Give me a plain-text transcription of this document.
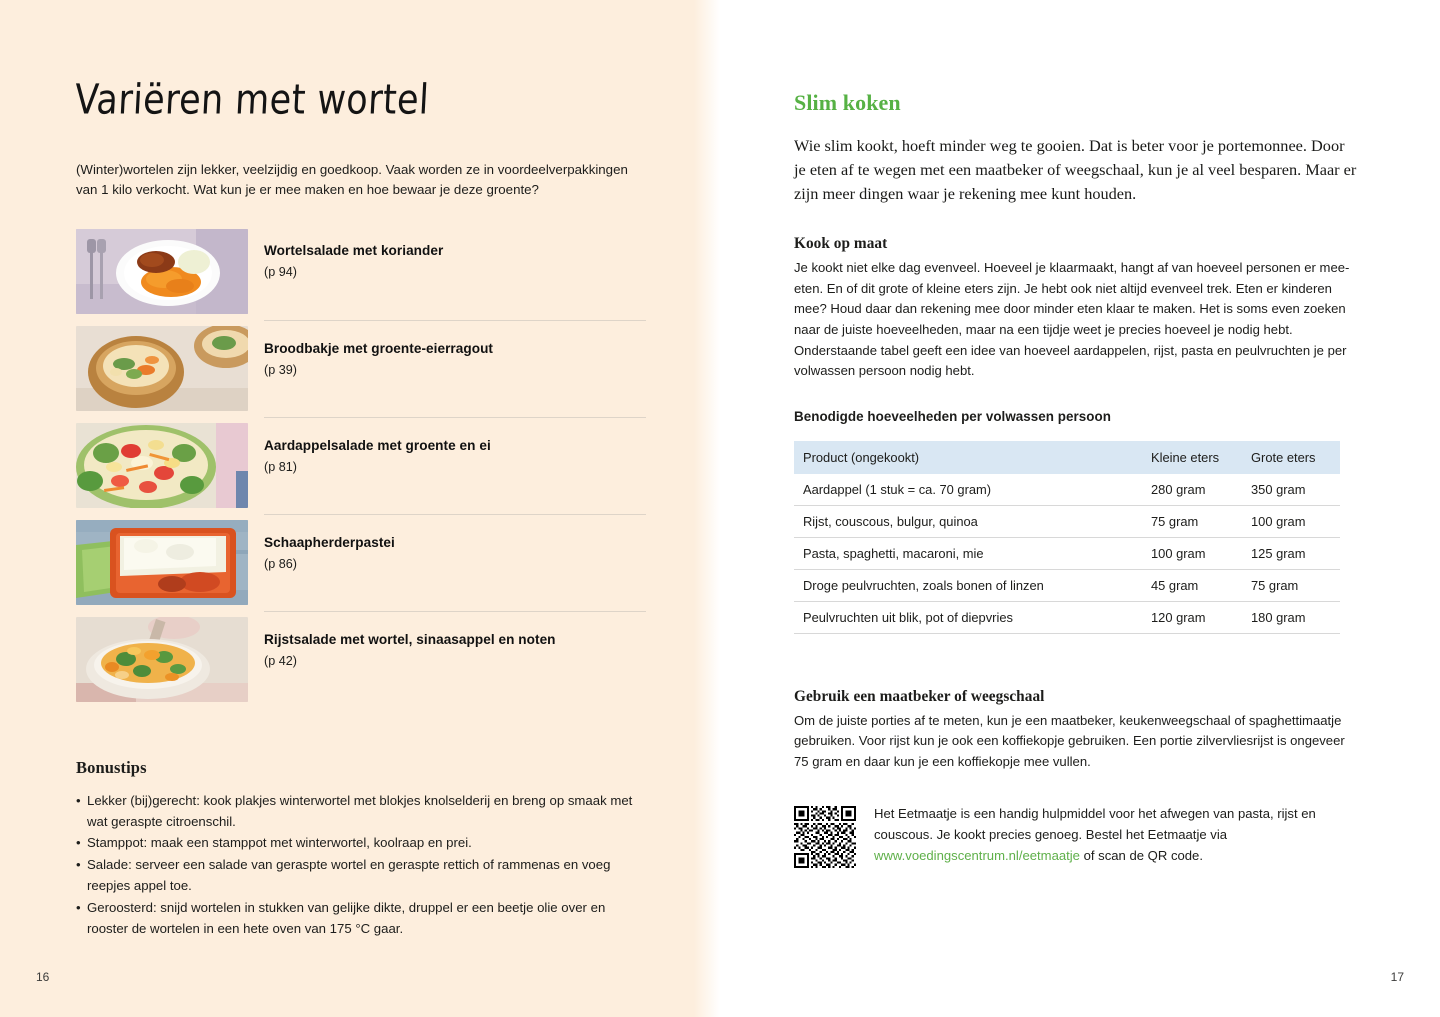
Variëren met wortel
(Winter)wortelen zijn lekker, veelzijdig en goedkoop. Vaak worden ze in voordeelverpakkingen van 1 kilo verkocht. Wat kun je er mee maken en hoe bewaar je deze groente?
Wortelsalade met koriander
(p 94)
Broodbakje met groente-eierragout
(p 39)
Aardappelsalade met groente en ei
(p 81)
Schaapherderpastei
(p 86)
Rijstsalade met wortel, sinaasappel en noten
(p 42)
Bonustips
• Lekker (bij)gerecht: kook plakjes winterwortel met blokjes knolselderij en breng op smaak met wat geraspte citroenschil.
• Stamppot: maak een stamppot met winterwortel, koolraap en prei.
• Salade: serveer een salade van geraspte wortel en geraspte rettich of rammenas en voeg reepjes appel toe.
• Geroosterd: snijd wortelen in stukken van gelijke dikte, druppel er een beetje olie over en rooster de wortelen in een hete oven van 175 °C gaar.
16
Slim koken
Wie slim kookt, hoeft minder weg te gooien. Dat is beter voor je portemonnee. Door je eten af te wegen met een maatbeker of weegschaal, kun je al veel besparen. Maar er zijn meer dingen waar je rekening mee kunt houden.
Kook op maat
Je kookt niet elke dag evenveel. Hoeveel je klaarmaakt, hangt af van hoeveel personen er mee-eten. En of dit grote of kleine eters zijn. Je hebt ook niet altijd evenveel trek. Eten er kinderen mee? Houd daar dan rekening mee door minder eten klaar te maken. Het is soms even zoeken naar de juiste hoeveelheden, maar na een tijdje weet je precies hoeveel je nodig hebt. Onderstaande tabel geeft een idee van hoeveel aardappelen, rijst, pasta en peulvruchten je per volwassen persoon nodig hebt.
Benodigde hoeveelheden per volwassen persoon
Product (ongekookt)	Kleine eters	Grote eters
Aardappel (1 stuk = ca. 70 gram)	280 gram	350 gram
Rijst, couscous, bulgur, quinoa	75 gram	100 gram
Pasta, spaghetti, macaroni, mie	100 gram	125 gram
Droge peulvruchten, zoals bonen of linzen	45 gram	75 gram
Peulvruchten uit blik, pot of diepvries	120 gram	180 gram
Gebruik een maatbeker of weegschaal
Om de juiste porties af te meten, kun je een maatbeker, keukenweegschaal of spaghettimaatje gebruiken. Voor rijst kun je ook een koffiekopje gebruiken. Een portie zilvervliesrijst is ongeveer 75 gram en daar kun je een koffiekopje mee vullen.
Het Eetmaatje is een handig hulpmiddel voor het afwegen van pasta, rijst en couscous. Je kookt precies genoeg. Bestel het Eetmaatje via www.voedingscentrum.nl/eetmaatje of scan de QR code.
17
